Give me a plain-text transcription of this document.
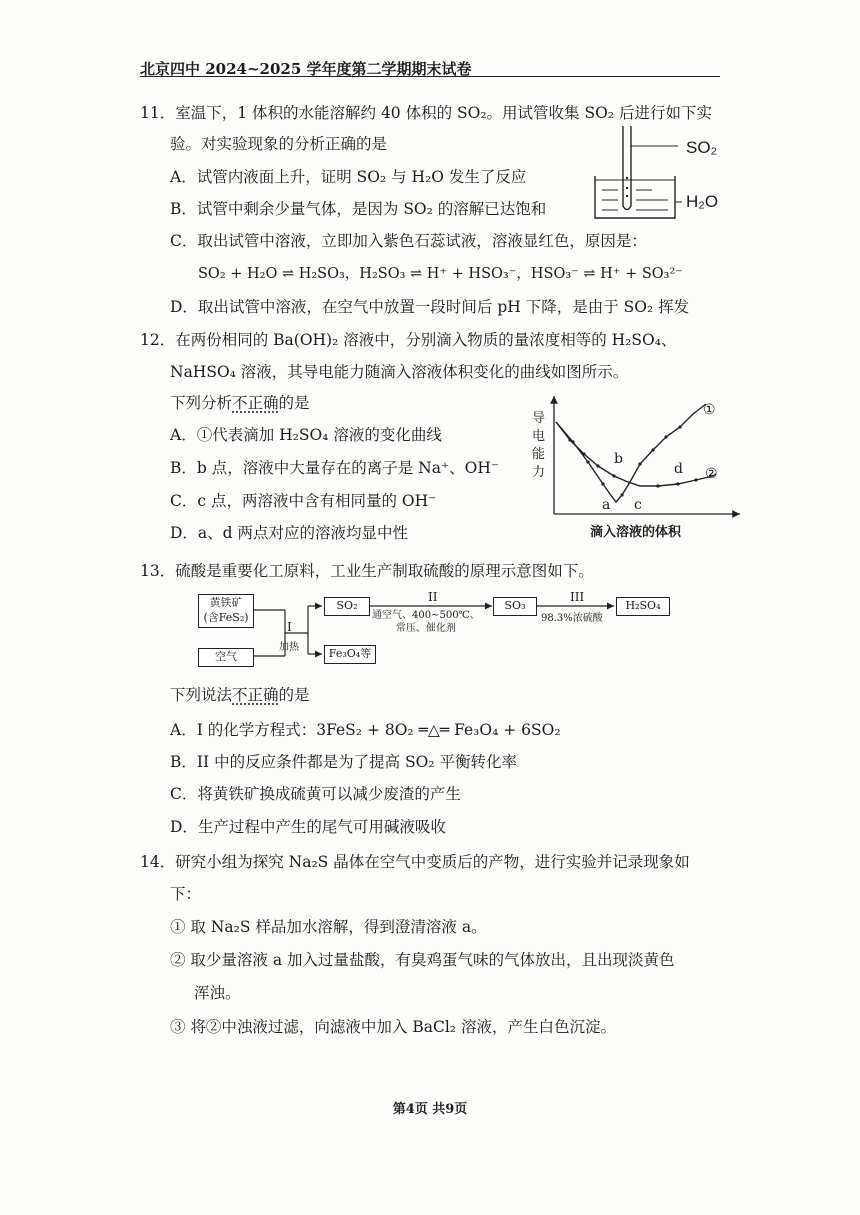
北京四中 2024~2025 学年度第二学期期末试卷
11．室温下，1 体积的水能溶解约 40 体积的 SO₂。用试管收集 SO₂ 后进行如下实
验。对实验现象的分析正确的是	SO₂
H₂O
A．试管内液面上升，证明 SO₂ 与 H₂O 发生了反应
B．试管中剩余少量气体，是因为 SO₂ 的溶解已达饱和
C．取出试管中溶液，立即加入紫色石蕊试液，溶液显红色，原因是：
SO₂ + H₂O ⇌ H₂SO₃，H₂SO₃ ⇌ H⁺ + HSO₃⁻，HSO₃⁻ ⇌ H⁺ + SO₃²⁻
D．取出试管中溶液，在空气中放置一段时间后 pH 下降，是由于 SO₂ 挥发
12．在两份相同的 Ba(OH)₂ 溶液中，分别滴入物质的量浓度相等的 H₂SO₄、
NaHSO₄ 溶液，其导电能力随滴入溶液体积变化的曲线如图所示。
下列分析不正确的是
A．①代表滴加 H₂SO₄ 溶液的变化曲线
B．b 点，溶液中大量存在的离子是 Na⁺、OH⁻
C．c 点，两溶液中含有相同量的 OH⁻
D．a、d 两点对应的溶液均显中性
导电能力
①
②
a
b
c
d
滴入溶液的体积
13．硫酸是重要化工原料，工业生产制取硫酸的原理示意图如下。
黄铁矿
(含FeS₂)
空气
SO₂	SO₃	H₂SO₄
Fe₃O₄等
I
加热
II
通空气、400~500℃、
常压、催化剂
III
98.3%浓硫酸
下列说法不正确的是
A．I 的化学方程式：3FeS₂ + 8O₂ ═△═ Fe₃O₄ + 6SO₂
B．II 中的反应条件都是为了提高 SO₂ 平衡转化率
C．将黄铁矿换成硫黄可以减少废渣的产生
D．生产过程中产生的尾气可用碱液吸收
14．研究小组为探究 Na₂S 晶体在空气中变质后的产物，进行实验并记录现象如
下：
① 取 Na₂S 样品加水溶解，得到澄清溶液 a。
② 取少量溶液 a 加入过量盐酸，有臭鸡蛋气味的气体放出，且出现淡黄色
浑浊。
③ 将②中浊液过滤，向滤液中加入 BaCl₂ 溶液，产生白色沉淀。
第4页 共9页
